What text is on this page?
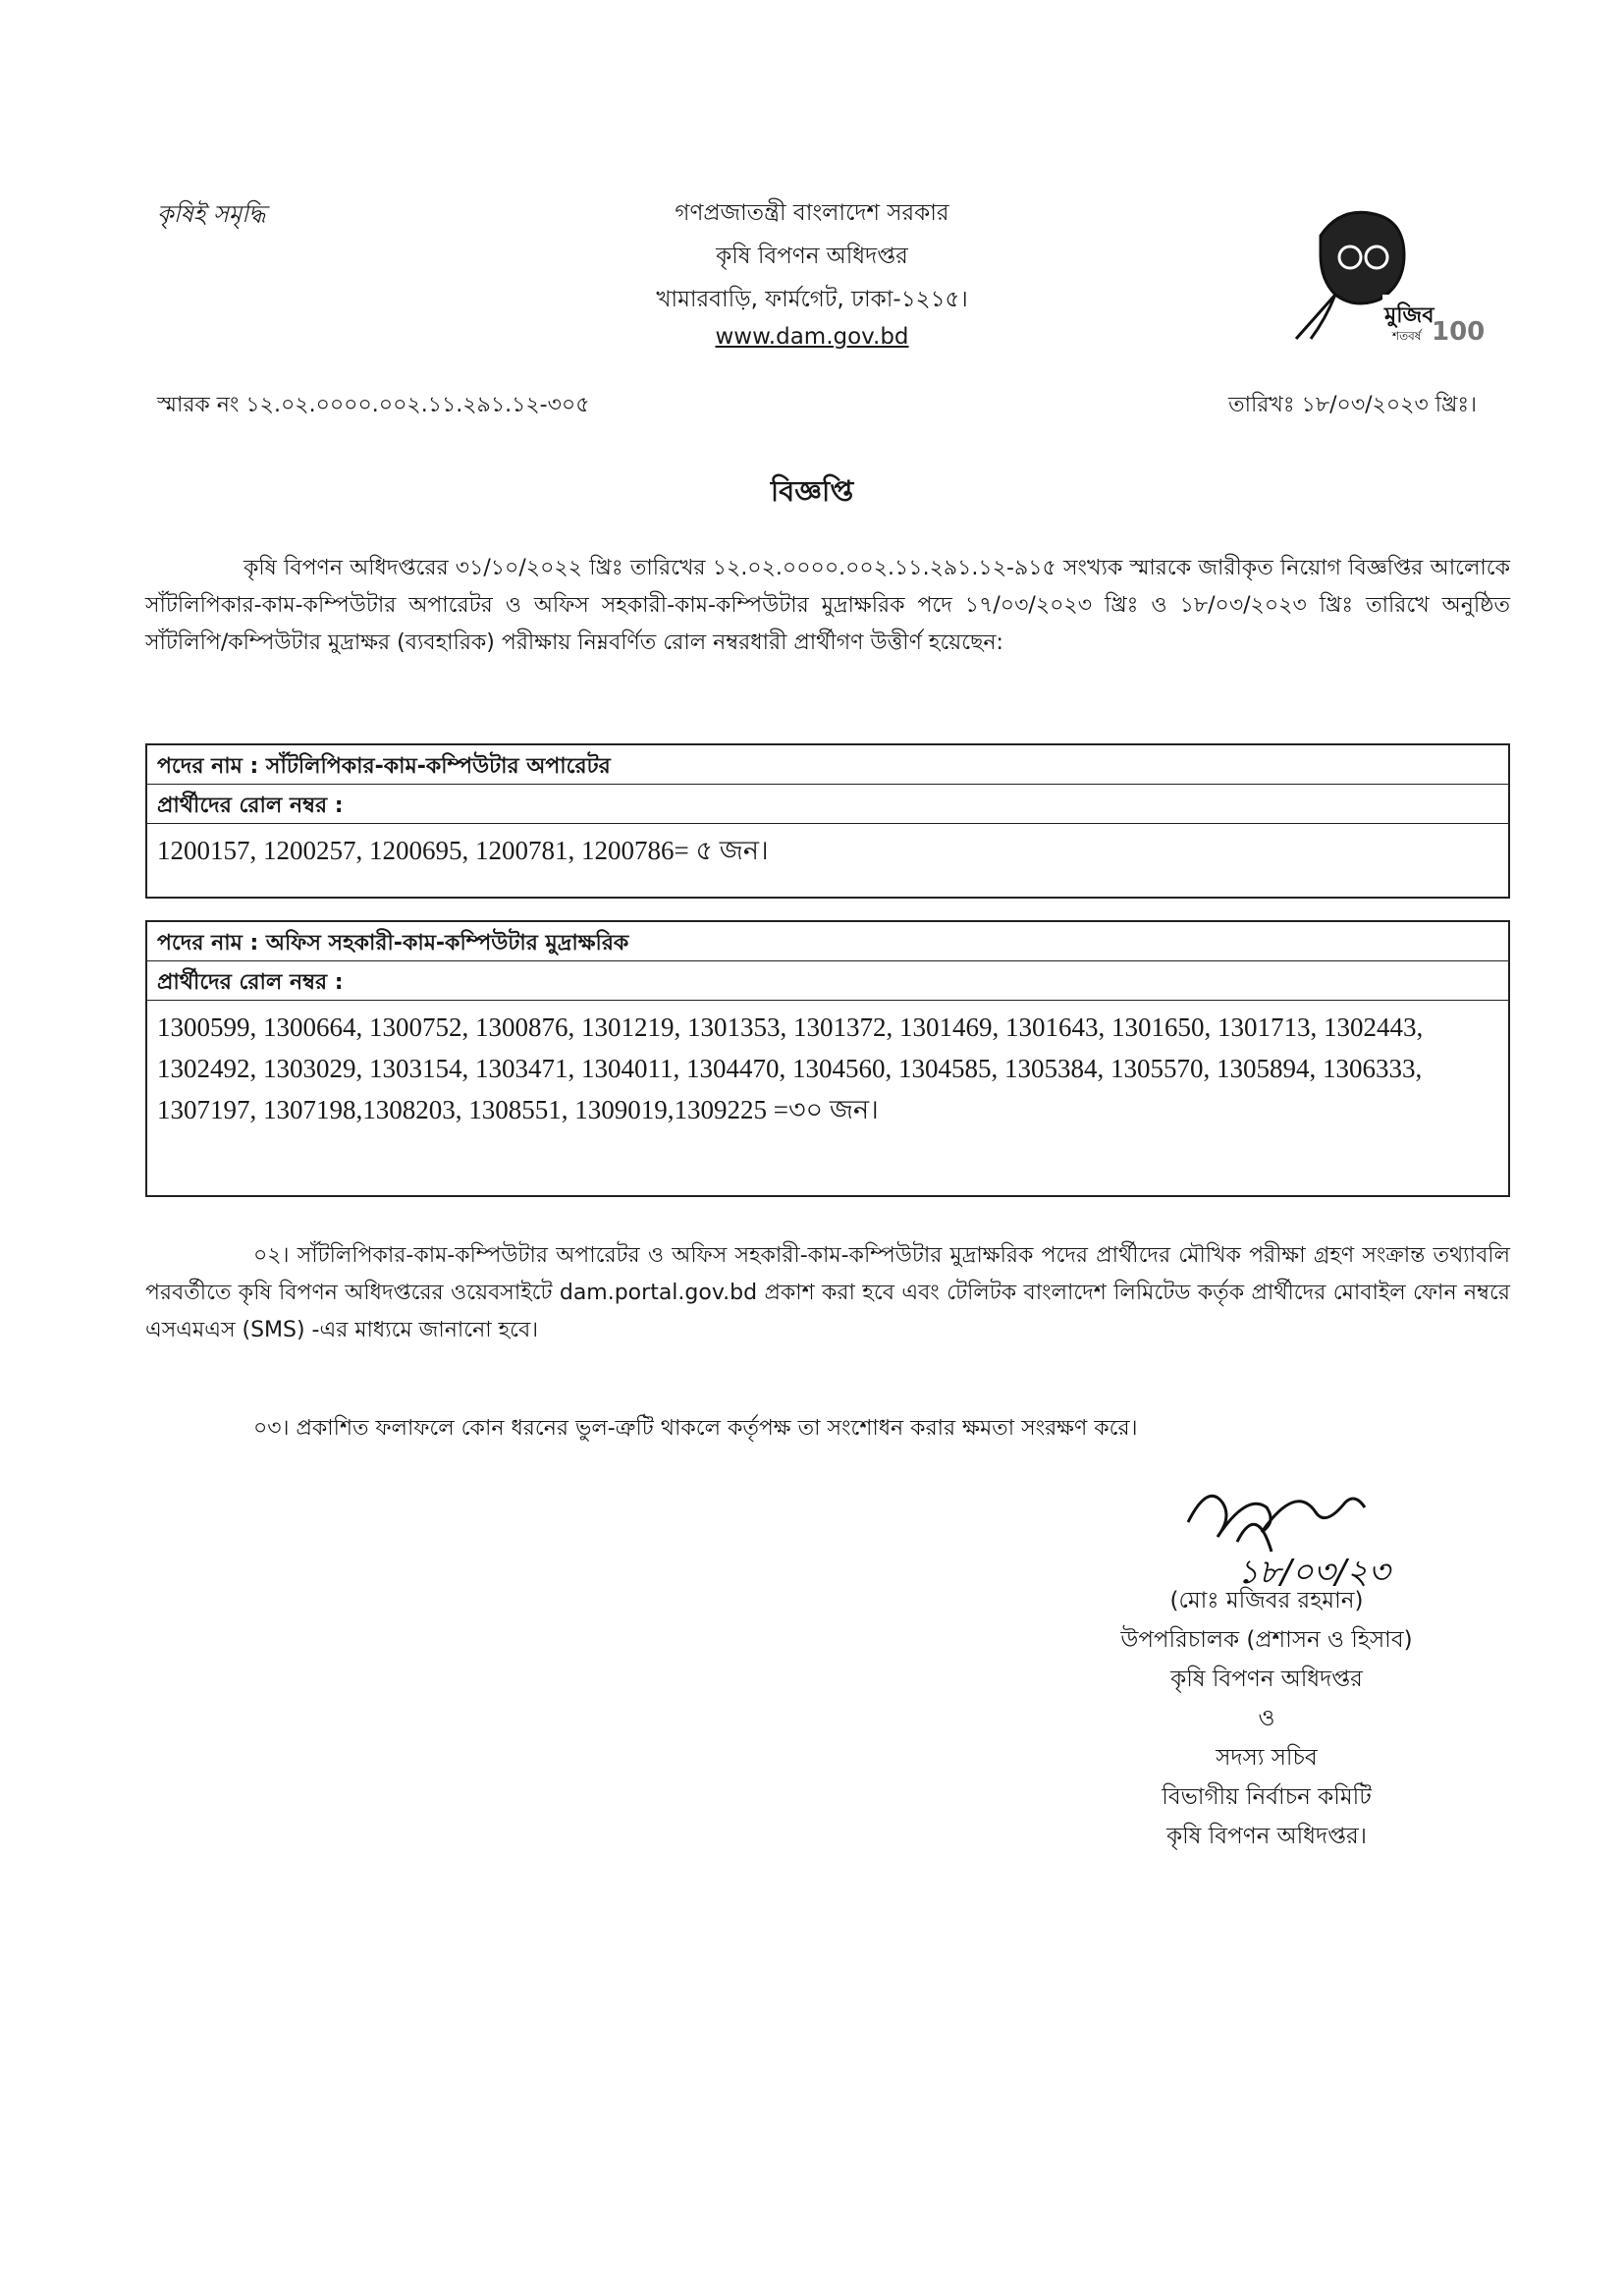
কৃষিই সমৃদ্ধি	গণপ্রজাতন্ত্রী বাংলাদেশ সরকার
কৃষি বিপণন অধিদপ্তর
খামারবাড়ি, ফার্মগেট, ঢাকা-১২১৫।
www.dam.gov.bd
মুজিব
শতবর্ষ 100
স্মারক নং ১২.০২.০০০০.০০২.১১.২৯১.১২-৩০৫	তারিখঃ ১৮/০৩/২০২৩ খ্রিঃ।
বিজ্ঞপ্তি
কৃষি বিপণন অধিদপ্তরের ৩১/১০/২০২২ খ্রিঃ তারিখের ১২.০২.০০০০.০০২.১১.২৯১.১২-৯১৫ সংখ্যক স্মারকে জারীকৃত নিয়োগ বিজ্ঞপ্তির আলোকে সাঁটলিপিকার-কাম-কম্পিউটার অপারেটর ও অফিস সহকারী-কাম-কম্পিউটার মুদ্রাক্ষরিক পদে ১৭/০৩/২০২৩ খ্রিঃ ও ১৮/০৩/২০২৩ খ্রিঃ তারিখে অনুষ্ঠিত সাঁটলিপি/কম্পিউটার মুদ্রাক্ষর (ব্যবহারিক) পরীক্ষায় নিম্নবর্ণিত রোল নম্বরধারী প্রার্থীগণ উত্তীর্ণ হয়েছেন:
পদের নাম : সাঁটলিপিকার-কাম-কম্পিউটার অপারেটর
প্রার্থীদের রোল নম্বর :
1200157, 1200257, 1200695, 1200781, 1200786= ৫ জন।
পদের নাম : অফিস সহকারী-কাম-কম্পিউটার মুদ্রাক্ষরিক
প্রার্থীদের রোল নম্বর :
1300599, 1300664, 1300752, 1300876, 1301219, 1301353, 1301372, 1301469, 1301643, 1301650, 1301713, 1302443, 1302492, 1303029, 1303154, 1303471, 1304011, 1304470, 1304560, 1304585, 1305384, 1305570, 1305894, 1306333, 1307197, 1307198,1308203, 1308551, 1309019,1309225 =৩০ জন।
০২। সাঁটলিপিকার-কাম-কম্পিউটার অপারেটর ও অফিস সহকারী-কাম-কম্পিউটার মুদ্রাক্ষরিক পদের প্রার্থীদের মৌখিক পরীক্ষা গ্রহণ সংক্রান্ত তথ্যাবলি পরবর্তীতে কৃষি বিপণন অধিদপ্তরের ওয়েবসাইটে dam.portal.gov.bd প্রকাশ করা হবে এবং টেলিটক বাংলাদেশ লিমিটেড কর্তৃক প্রার্থীদের মোবাইল ফোন নম্বরে এসএমএস (SMS) -এর মাধ্যমে জানানো হবে।
০৩। প্রকাশিত ফলাফলে কোন ধরনের ভুল-ত্রুটি থাকলে কর্তৃপক্ষ তা সংশোধন করার ক্ষমতা সংরক্ষণ করে।
১৮/০৩/২৩
(মোঃ মজিবর রহমান)
উপপরিচালক (প্রশাসন ও হিসাব)
কৃষি বিপণন অধিদপ্তর
ও
সদস্য সচিব
বিভাগীয় নির্বাচন কমিটি
কৃষি বিপণন অধিদপ্তর।
